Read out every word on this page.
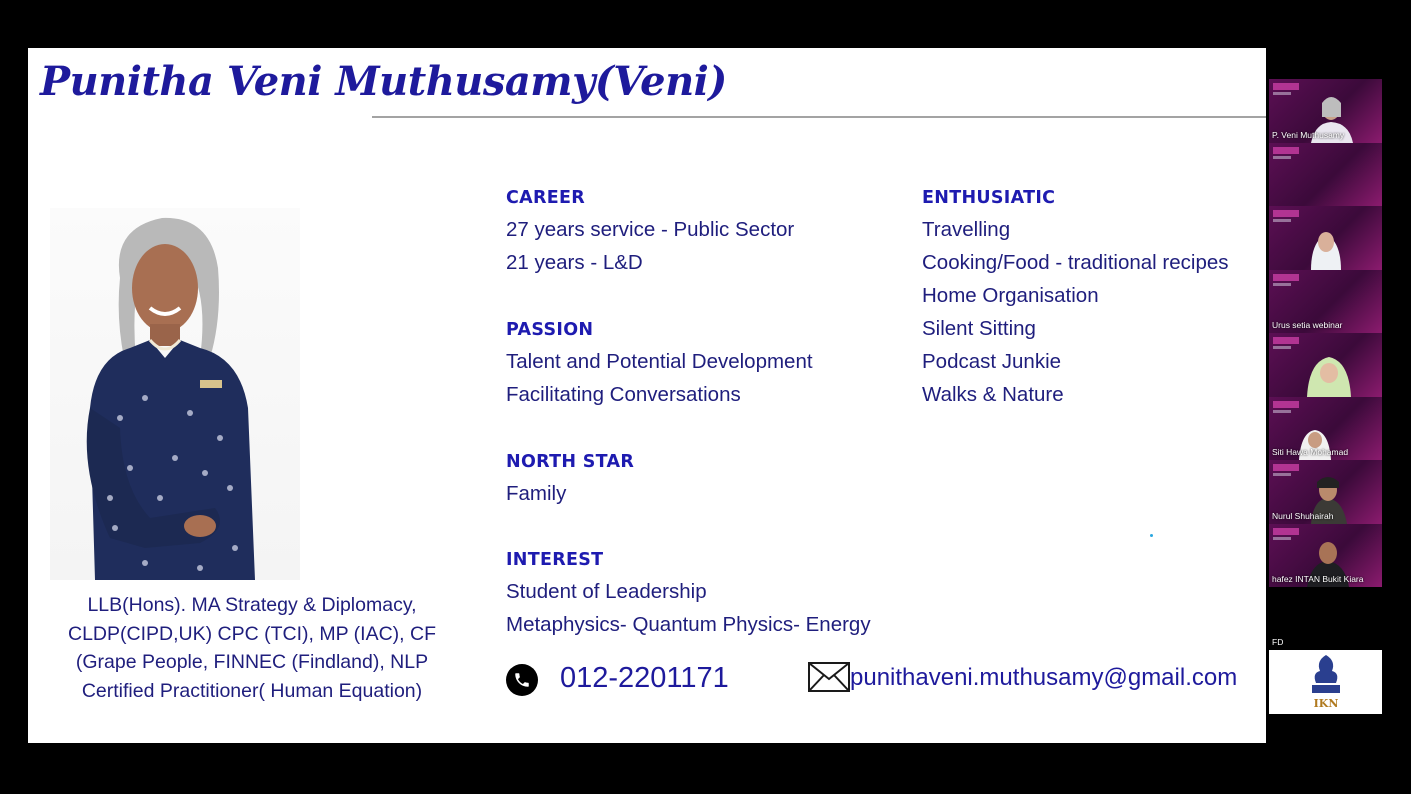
Punitha Veni Muthusamy(Veni)
LLB(Hons). MA Strategy & Diplomacy,
CLDP(CIPD,UK) CPC (TCI), MP (IAC), CF
(Grape People, FINNEC (Findland), NLP
Certified Practitioner( Human Equation)
CAREER
27 years service - Public Sector
21 years - L&D
PASSION
Talent and Potential Development
Facilitating Conversations
NORTH STAR
Family
INTEREST
Student of Leadership
Metaphysics- Quantum Physics- Energy
ENTHUSIATIC
Travelling
Cooking/Food - traditional recipes
Home Organisation
Silent Sitting
Podcast Junkie
Walks & Nature
012-2201171	punithaveni.muthusamy@gmail.com
P. Veni Muthusamy
Urus setia webinar
Siti Hawa Mohamad
Nurul Shuhairah
hafez INTAN Bukit Kiara
FD
IKN
